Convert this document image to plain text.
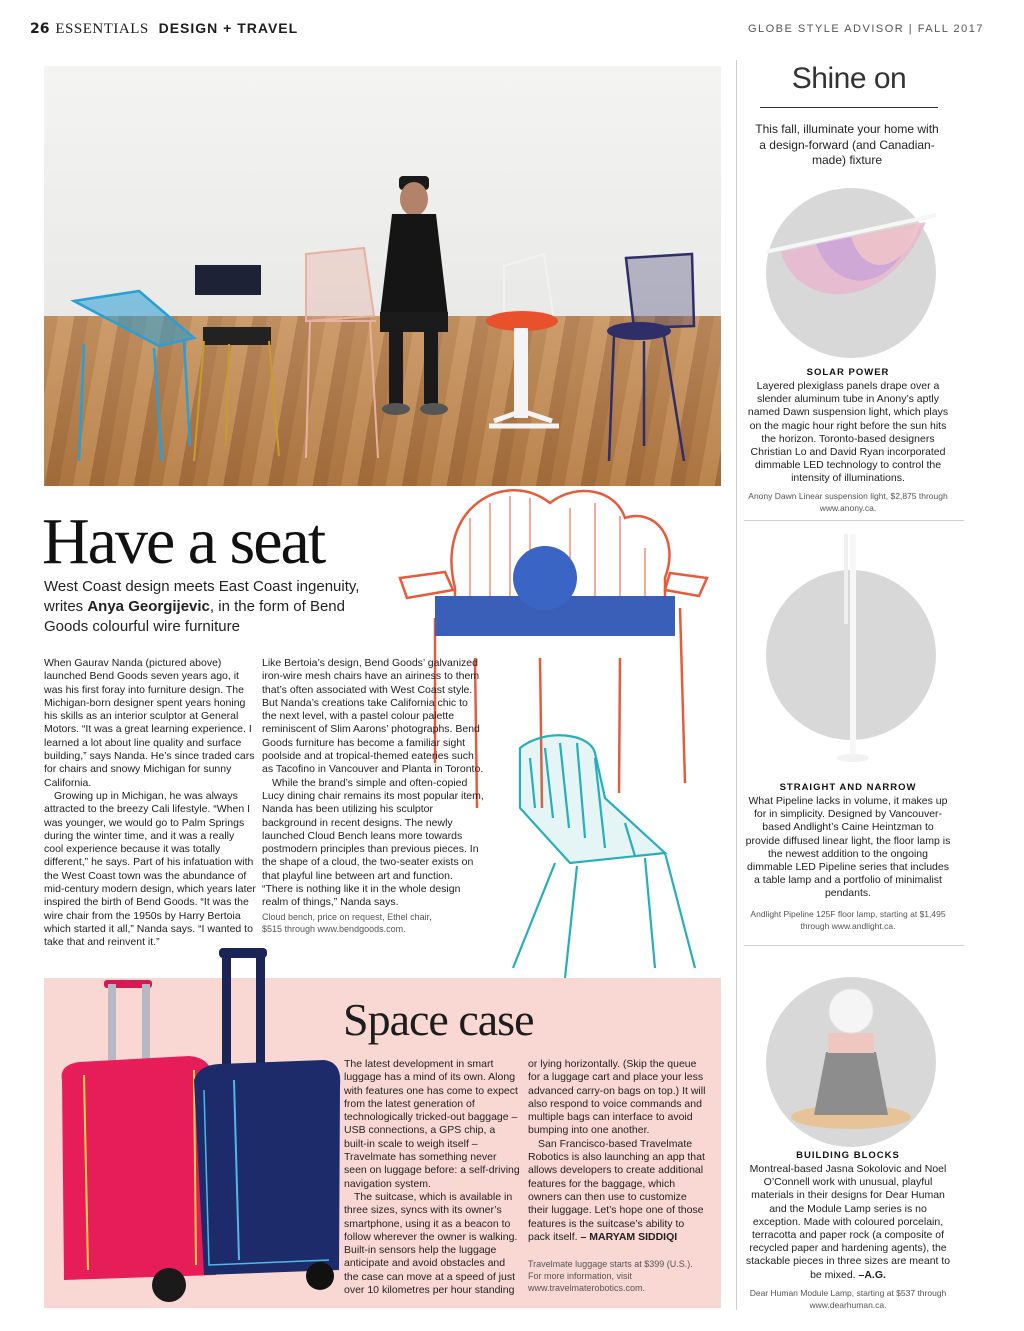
26 ESSENTIALS DESIGN + TRAVEL	GLOBE STYLE ADVISOR | FALL 2017
Have a seat
West Coast design meets East Coast ingenuity, writes Anya Georgijevic, in the form of Bend Goods colourful wire furniture

When Gaurav Nanda (pictured above) launched Bend Goods seven years ago, it was his first foray into furniture design. The Michigan-born designer spent years honing his skills as an interior sculptor at General Motors. “It was a great learning experience. I learned a lot about line quality and surface building,” says Nanda. He’s since traded cars for chairs and snowy Michigan for sunny California.

Growing up in Michigan, he was always attracted to the breezy Cali lifestyle. “When I was younger, we would go to Palm Springs during the winter time, and it was a really cool experience because it was totally different,” he says. Part of his infatuation with the West Coast town was the abundance of mid-century modern design, which years later inspired the birth of Bend Goods. “It was the wire chair from the 1950s by Harry Bertoia which started it all,” Nanda says. “I wanted to take that and reinvent it.”

Like Bertoia’s design, Bend Goods’ galvanized iron-wire mesh chairs have an airiness to them that’s often associated with West Coast style. But Nanda’s creations take California chic to the next level, with a pastel colour palette reminiscent of Slim Aarons’ photographs. Bend Goods furniture has become a familiar sight poolside and at tropical-themed eateries such as Tacofino in Vancouver and Planta in Toronto.

While the brand’s simple and often-copied Lucy dining chair remains its most popular item, Nanda has been utilizing his sculptor background in recent designs. The newly launched Cloud Bench leans more towards postmodern principles than previous pieces. In the shape of a cloud, the two-seater exists on that playful line between art and function. “There is nothing like it in the whole design realm of things,” Nanda says.

Cloud bench, price on request, Ethel chair, $515 through www.bendgoods.com.
Space case

The latest development in smart luggage has a mind of its own. Along with features one has come to expect from the latest generation of technologically tricked-out baggage – USB connections, a GPS chip, a built-in scale to weigh itself – Travelmate has something never seen on luggage before: a self-driving navigation system.

The suitcase, which is available in three sizes, syncs with its owner’s smartphone, using it as a beacon to follow wherever the owner is walking. Built-in sensors help the luggage anticipate and avoid obstacles and the case can move at a speed of just over 10 kilometres per hour standing

or lying horizontally. (Skip the queue for a luggage cart and place your less advanced carry-on bags on top.) It will also respond to voice commands and multiple bags can interface to avoid bumping into one another.

San Francisco-based Travelmate Robotics is also launching an app that allows developers to create additional features for the baggage, which owners can then use to customize their luggage. Let’s hope one of those features is the suitcase’s ability to pack itself. – MARYAM SIDDIQI

Travelmate luggage starts at $399 (U.S.). For more information, visit www.travelmaterobotics.com.
Shine on
This fall, illuminate your home with a design-forward (and Canadian-made) fixture
SOLAR POWER
Layered plexiglass panels drape over a slender aluminum tube in Anony’s aptly named Dawn suspension light, which plays on the magic hour right before the sun hits the horizon. Toronto-based designers Christian Lo and David Ryan incorporated dimmable LED technology to control the intensity of illuminations.
Anony Dawn Linear suspension light, $2,875 through www.anony.ca.
STRAIGHT AND NARROW
What Pipeline lacks in volume, it makes up for in simplicity. Designed by Vancouver-based Andlight’s Caine Heintzman to provide diffused linear light, the floor lamp is the newest addition to the ongoing dimmable LED Pipeline series that includes a table lamp and a portfolio of minimalist pendants.
Andlight Pipeline 125F floor lamp, starting at $1,495 through www.andlight.ca.
BUILDING BLOCKS
Montreal-based Jasna Sokolovic and Noel O’Connell work with unusual, playful materials in their designs for Dear Human and the Module Lamp series is no exception. Made with coloured porcelain, terracotta and paper rock (a composite of recycled paper and hardening agents), the stackable pieces in three sizes are meant to be mixed. –A.G.
Dear Human Module Lamp, starting at $537 through www.dearhuman.ca.
